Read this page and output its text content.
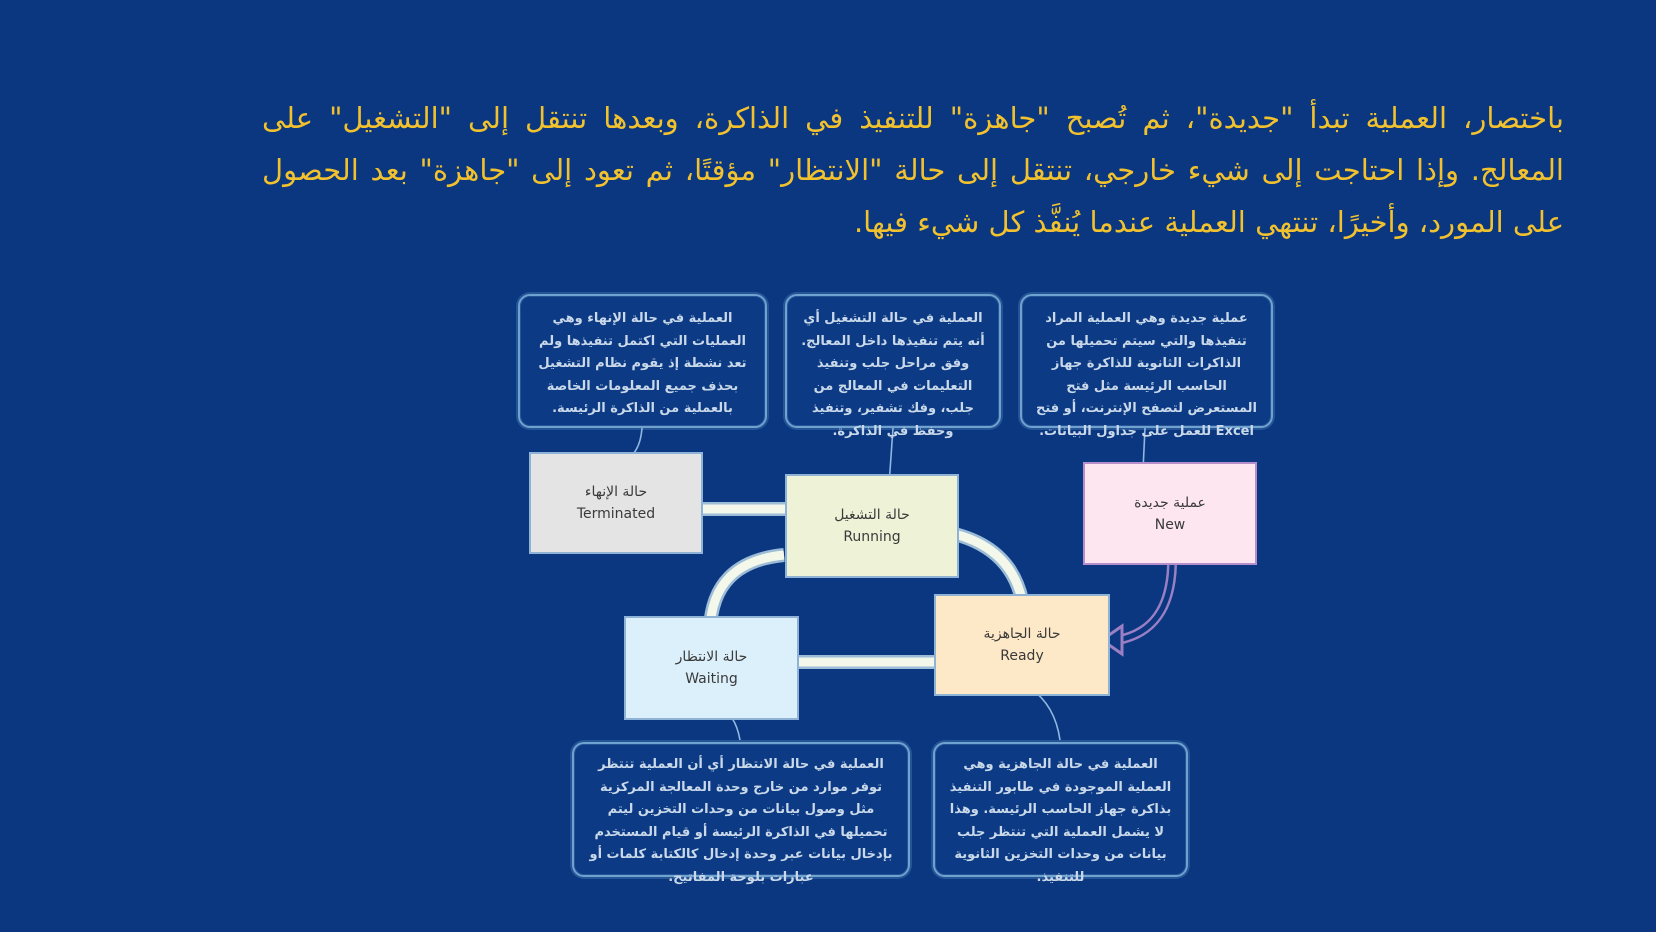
باختصار، العملية تبدأ "جديدة"، ثم تُصبح "جاهزة" للتنفيذ في الذاكرة، وبعدها تنتقل إلى "التشغيل" على المعالج. وإذا احتاجت إلى شيء خارجي، تنتقل إلى حالة "الانتظار" مؤقتًا، ثم تعود إلى "جاهزة" بعد الحصول على المورد، وأخيرًا، تنتهي العملية عندما يُنفَّذ كل شيء فيها.
العملية في حالة الإنهاء وهي العمليات التي اكتمل تنفيذها ولم تعد نشطة إذ يقوم نظام التشغيل بحذف جميع المعلومات الخاصة بالعملية من الذاكرة الرئيسة.
العملية في حالة التشغيل أي أنه يتم تنفيذها داخل المعالج. وفق مراحل جلب وتنفيذ التعليمات في المعالج من جلب، وفك تشفير، وتنفيذ وحفظ في الذاكرة.
عملية جديدة وهي العملية المراد تنفيذها والتي سيتم تحميلها من الذاكرات الثانوية للذاكرة جهاز الحاسب الرئيسة مثل فتح المستعرض لتصفح الإنترنت، أو فتح Excel للعمل على جداول البيانات.
العملية في حالة الانتظار أي أن العملية تنتظر توفر موارد من خارج وحدة المعالجة المركزية مثل وصول بيانات من وحدات التخزين ليتم تحميلها في الذاكرة الرئيسة أو قيام المستخدم بإدخال بيانات عبر وحدة إدخال كالكتابة كلمات أو عبارات بلوحة المفاتيح.
العملية في حالة الجاهزية وهي العملية الموجودة في طابور التنفيذ بذاكرة جهاز الحاسب الرئيسة. وهذا لا يشمل العملية التي تنتظر جلب بيانات من وحدات التخزين الثانوية للتنفيذ.
حالة الإنهاء
Terminated	حالة التشغيل
Running
عملية جديدة
New
حالة الجاهزية
Ready
حالة الانتظار
Waiting
